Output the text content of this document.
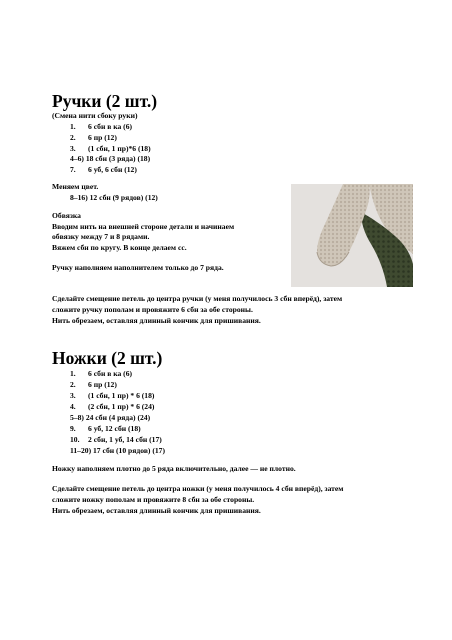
Ручки (2 шт.)
(Смена нити сбоку руки)
1. 6 сбн в ка (6)
2. 6 пр (12)
3. (1 сбн, 1 пр)*6 (18)
4–6) 18 сбн (3 ряда) (18)
7. 6 уб, 6 сбн (12)
Меняем цвет.
8–16) 12 сбн (9 рядов) (12)
Обвязка
Вводим нить на внешней стороне детали и начинаем
обвязку между 7 и 8 рядами.
Вяжем сбн по кругу. В конце делаем сс.
Ручку наполняем наполнителем только до 7 ряда.
Сделайте смещение петель до центра ручки (у меня получилось 3 сбн вперёд), затем
сложите ручку пополам и провяжите 6 сбн за обе стороны.
Нить обрезаем, оставляя длинный кончик для пришивания.
Ножки (2 шт.)
1. 6 сбн в ка (6)
2. 6 пр (12)
3. (1 сбн, 1 пр) * 6 (18)
4. (2 сбн, 1 пр) * 6 (24)
5–8) 24 сбн (4 ряда) (24)
9. 6 уб, 12 сбн (18)
10. 2 сбн, 1 уб, 14 сбн (17)
11–20) 17 сбн (10 рядов) (17)
Ножку наполняем плотно до 5 ряда включительно, далее — не плотно.
Сделайте смещение петель до центра ножки (у меня получилось 4 сбн вперёд), затем
сложите ножку пополам и провяжите 8 сбн за обе стороны.
Нить обрезаем, оставляя длинный кончик для пришивания.
